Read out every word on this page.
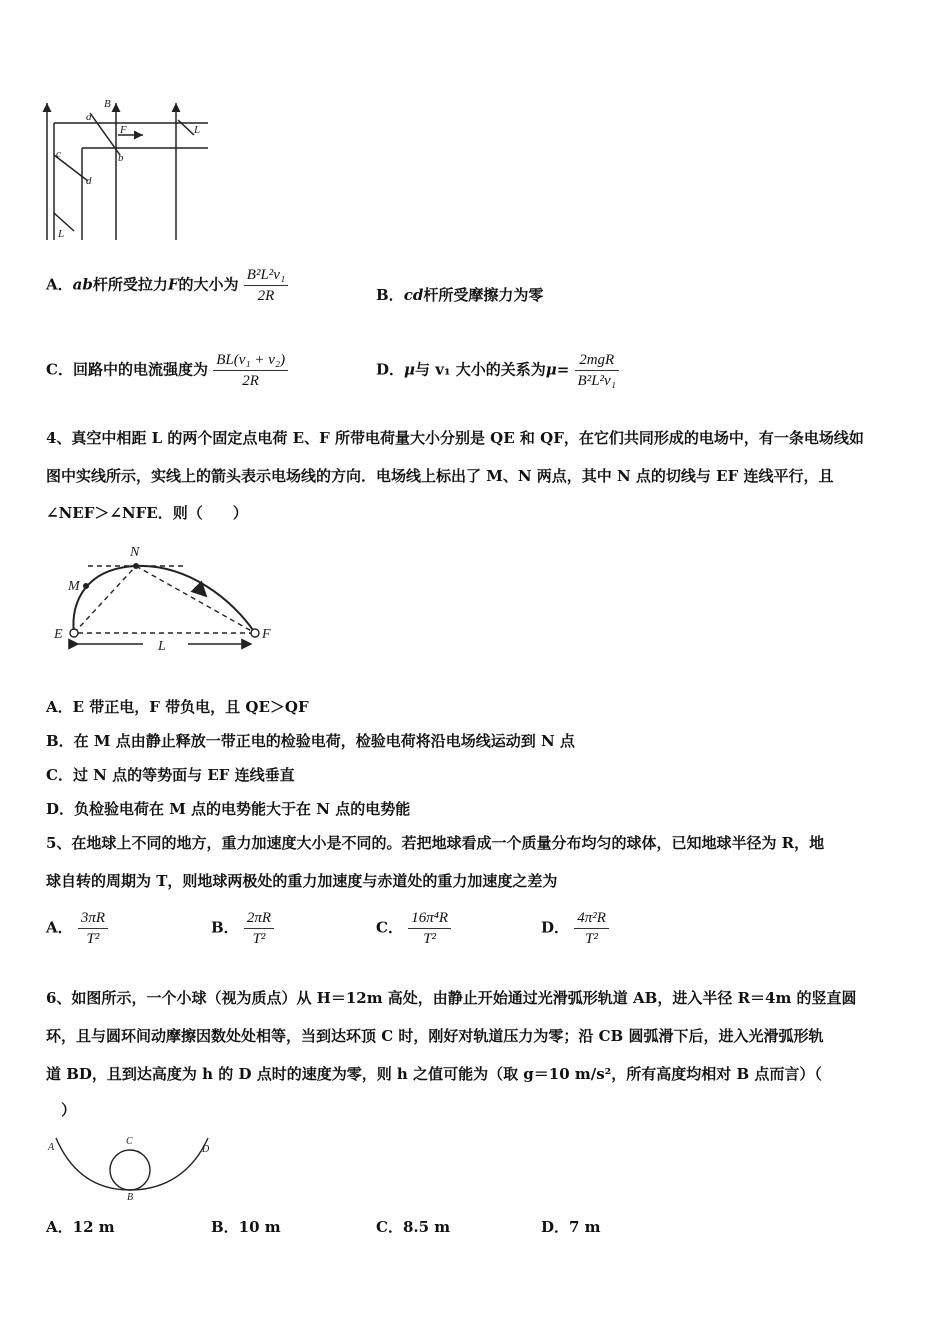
B
a
F
b
L
c
d
L
A．ab杆所受拉力F的大小为 $\frac{\text{B²L²v₁}}{2R}$	B．cd杆所受摩擦力为零
C．回路中的电流强度为 $\frac{\text{BL(v₁ + v₂)}}{2R}$	D．μ与 v₁ 大小的关系为$\mu= \frac{\text{2mgR}}{\text{B²L²v₁}}$
4、真空中相距 L 的两个固定点电荷 E、F 所带电荷量大小分别是 QE 和 QF，在它们共同形成的电场中，有一条电场线如
图中实线所示，实线上的箭头表示电场线的方向．电场线上标出了 M、N 两点，其中 N 点的切线与 EF 连线平行，且
∠NEF＞∠NFE．则（　　）
N
M
E	F
L
A．E 带正电，F 带负电，且 QE＞QF
B．在 M 点由静止释放一带正电的检验电荷，检验电荷将沿电场线运动到 N 点
C．过 N 点的等势面与 EF 连线垂直
D．负检验电荷在 M 点的电势能大于在 N 点的电势能
5、在地球上不同的地方，重力加速度大小是不同的。若把地球看成一个质量分布均匀的球体，已知地球半径为 R，地
球自转的周期为 T，则地球两极处的重力加速度与赤道处的重力加速度之差为
A． $\frac{3\pi R}{\text{T²}}$	B． $\frac{2\pi R}{\text{T²}}$	C． $\frac{\text{16π⁴R}}{\text{T²}}$	D． $\frac{\text{4π²R}}{\text{T²}}$
6、如图所示，一个小球（视为质点）从 H＝12m 高处，由静止开始通过光滑弧形轨道 AB，进入半径 R＝4m 的竖直圆
环，且与圆环间动摩擦因数处处相等，当到达环顶 C 时，刚好对轨道压力为零；沿 CB 圆弧滑下后，进入光滑弧形轨
道 BD，且到达高度为 h 的 D 点时的速度为零，则 h 之值可能为（取 g＝10 m/s²，所有高度均相对 B 点而言）（
　）
A
C
D
B
A．12 m	B．10 m	C．8.5 m	D．7 m
